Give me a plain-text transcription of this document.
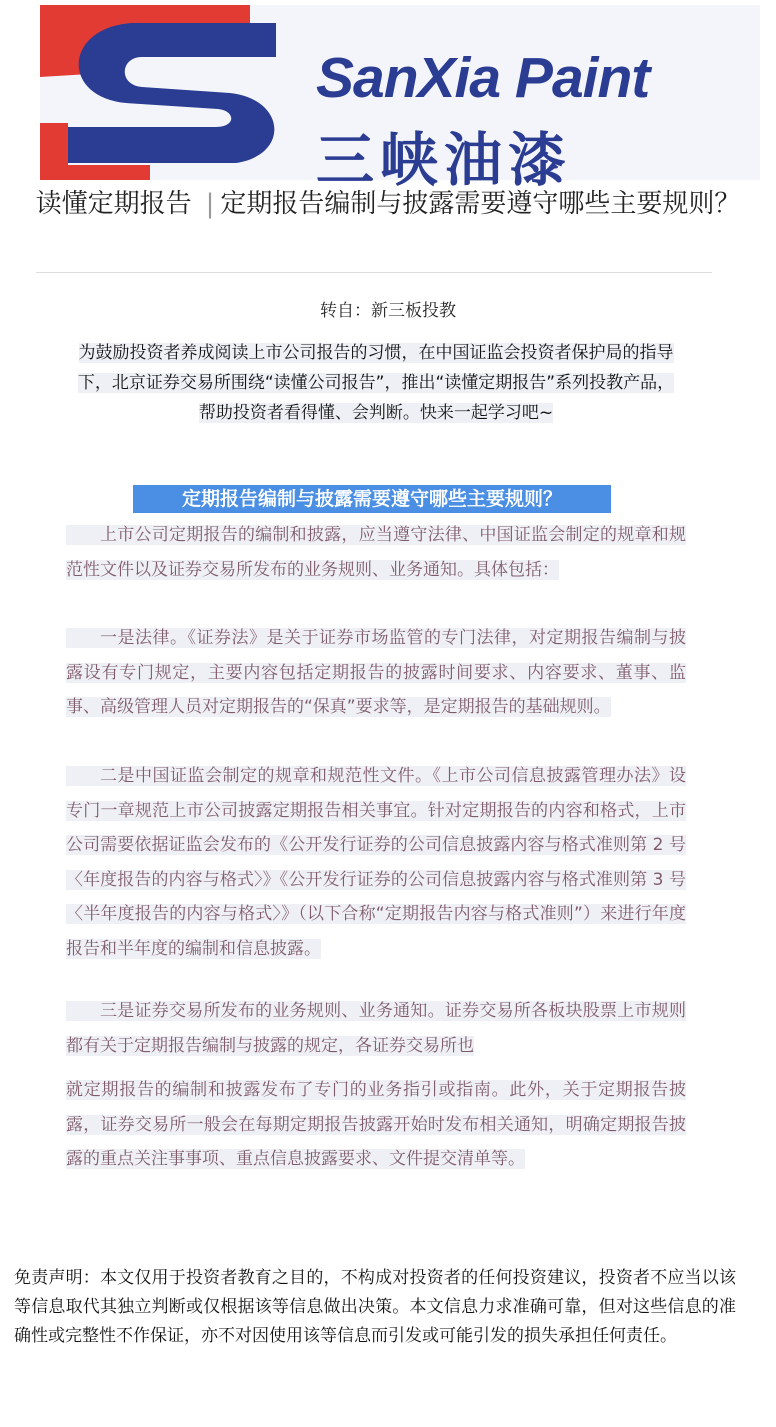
SanXia Paint
三峡油漆
读懂定期报告 | 定期报告编制与披露需要遵守哪些主要规则？
转自：新三板投教
为鼓励投资者养成阅读上市公司报告的习惯，在中国证监会投资者保护局的指导下，北京证券交易所围绕“读懂公司报告”，推出“读懂定期报告”系列投教产品，帮助投资者看得懂、会判断。快来一起学习吧~
定期报告编制与披露需要遵守哪些主要规则？
上市公司定期报告的编制和披露，应当遵守法律、中国证监会制定的规章和规范性文件以及证券交易所发布的业务规则、业务通知。具体包括：
一是法律。《证券法》是关于证券市场监管的专门法律，对定期报告编制与披露设有专门规定，主要内容包括定期报告的披露时间要求、内容要求、董事、监事、高级管理人员对定期报告的“保真”要求等，是定期报告的基础规则。
二是中国证监会制定的规章和规范性文件。《上市公司信息披露管理办法》设专门一章规范上市公司披露定期报告相关事宜。针对定期报告的内容和格式，上市公司需要依据证监会发布的《公开发行证券的公司信息披露内容与格式准则第 2 号〈年度报告的内容与格式〉》《公开发行证券的公司信息披露内容与格式准则第 3 号〈半年度报告的内容与格式〉》（以下合称“定期报告内容与格式准则”）来进行年度报告和半年度的编制和信息披露。
三是证券交易所发布的业务规则、业务通知。证券交易所各板块股票上市规则都有关于定期报告编制与披露的规定，各证券交易所也
就定期报告的编制和披露发布了专门的业务指引或指南。此外，关于定期报告披露，证券交易所一般会在每期定期报告披露开始时发布相关通知，明确定期报告披露的重点关注事事项、重点信息披露要求、文件提交清单等。
免责声明：本文仅用于投资者教育之目的，不构成对投资者的任何投资建议，投资者不应当以该等信息取代其独立判断或仅根据该等信息做出决策。本文信息力求准确可靠，但对这些信息的准确性或完整性不作保证，亦不对因使用该等信息而引发或可能引发的损失承担任何责任。
